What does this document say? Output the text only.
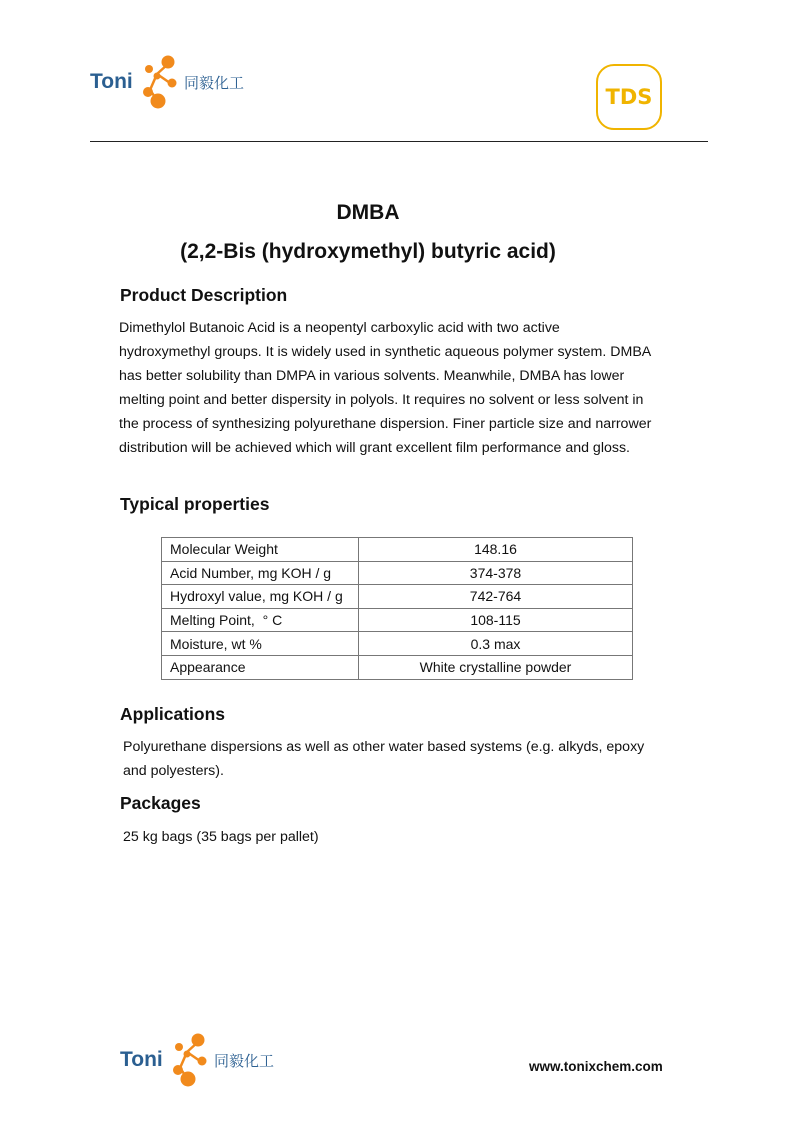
Toni	同毅化工
TDS
DMBA
(2,2-Bis (hydroxymethyl) butyric acid)
Product Description
Dimethylol Butanoic Acid is a neopentyl carboxylic acid with two active
hydroxymethyl groups. It is widely used in synthetic aqueous polymer system. DMBA
has better solubility than DMPA in various solvents. Meanwhile, DMBA has lower
melting point and better dispersity in polyols. It requires no solvent or less solvent in
the process of synthesizing polyurethane dispersion. Finer particle size and narrower
distribution will be achieved which will grant excellent film performance and gloss.
Typical properties
Molecular Weight	148.16
Acid Number, mg KOH / g	374-378
Hydroxyl value, mg KOH / g	742-764
Melting Point,  ° C	108-115
Moisture, wt %	0.3 max
Appearance	White crystalline powder
Applications
Polyurethane dispersions as well as other water based systems (e.g. alkyds, epoxy
and polyesters).
Packages
25 kg bags (35 bags per pallet)
Toni	同毅化工	www.tonixchem.com
